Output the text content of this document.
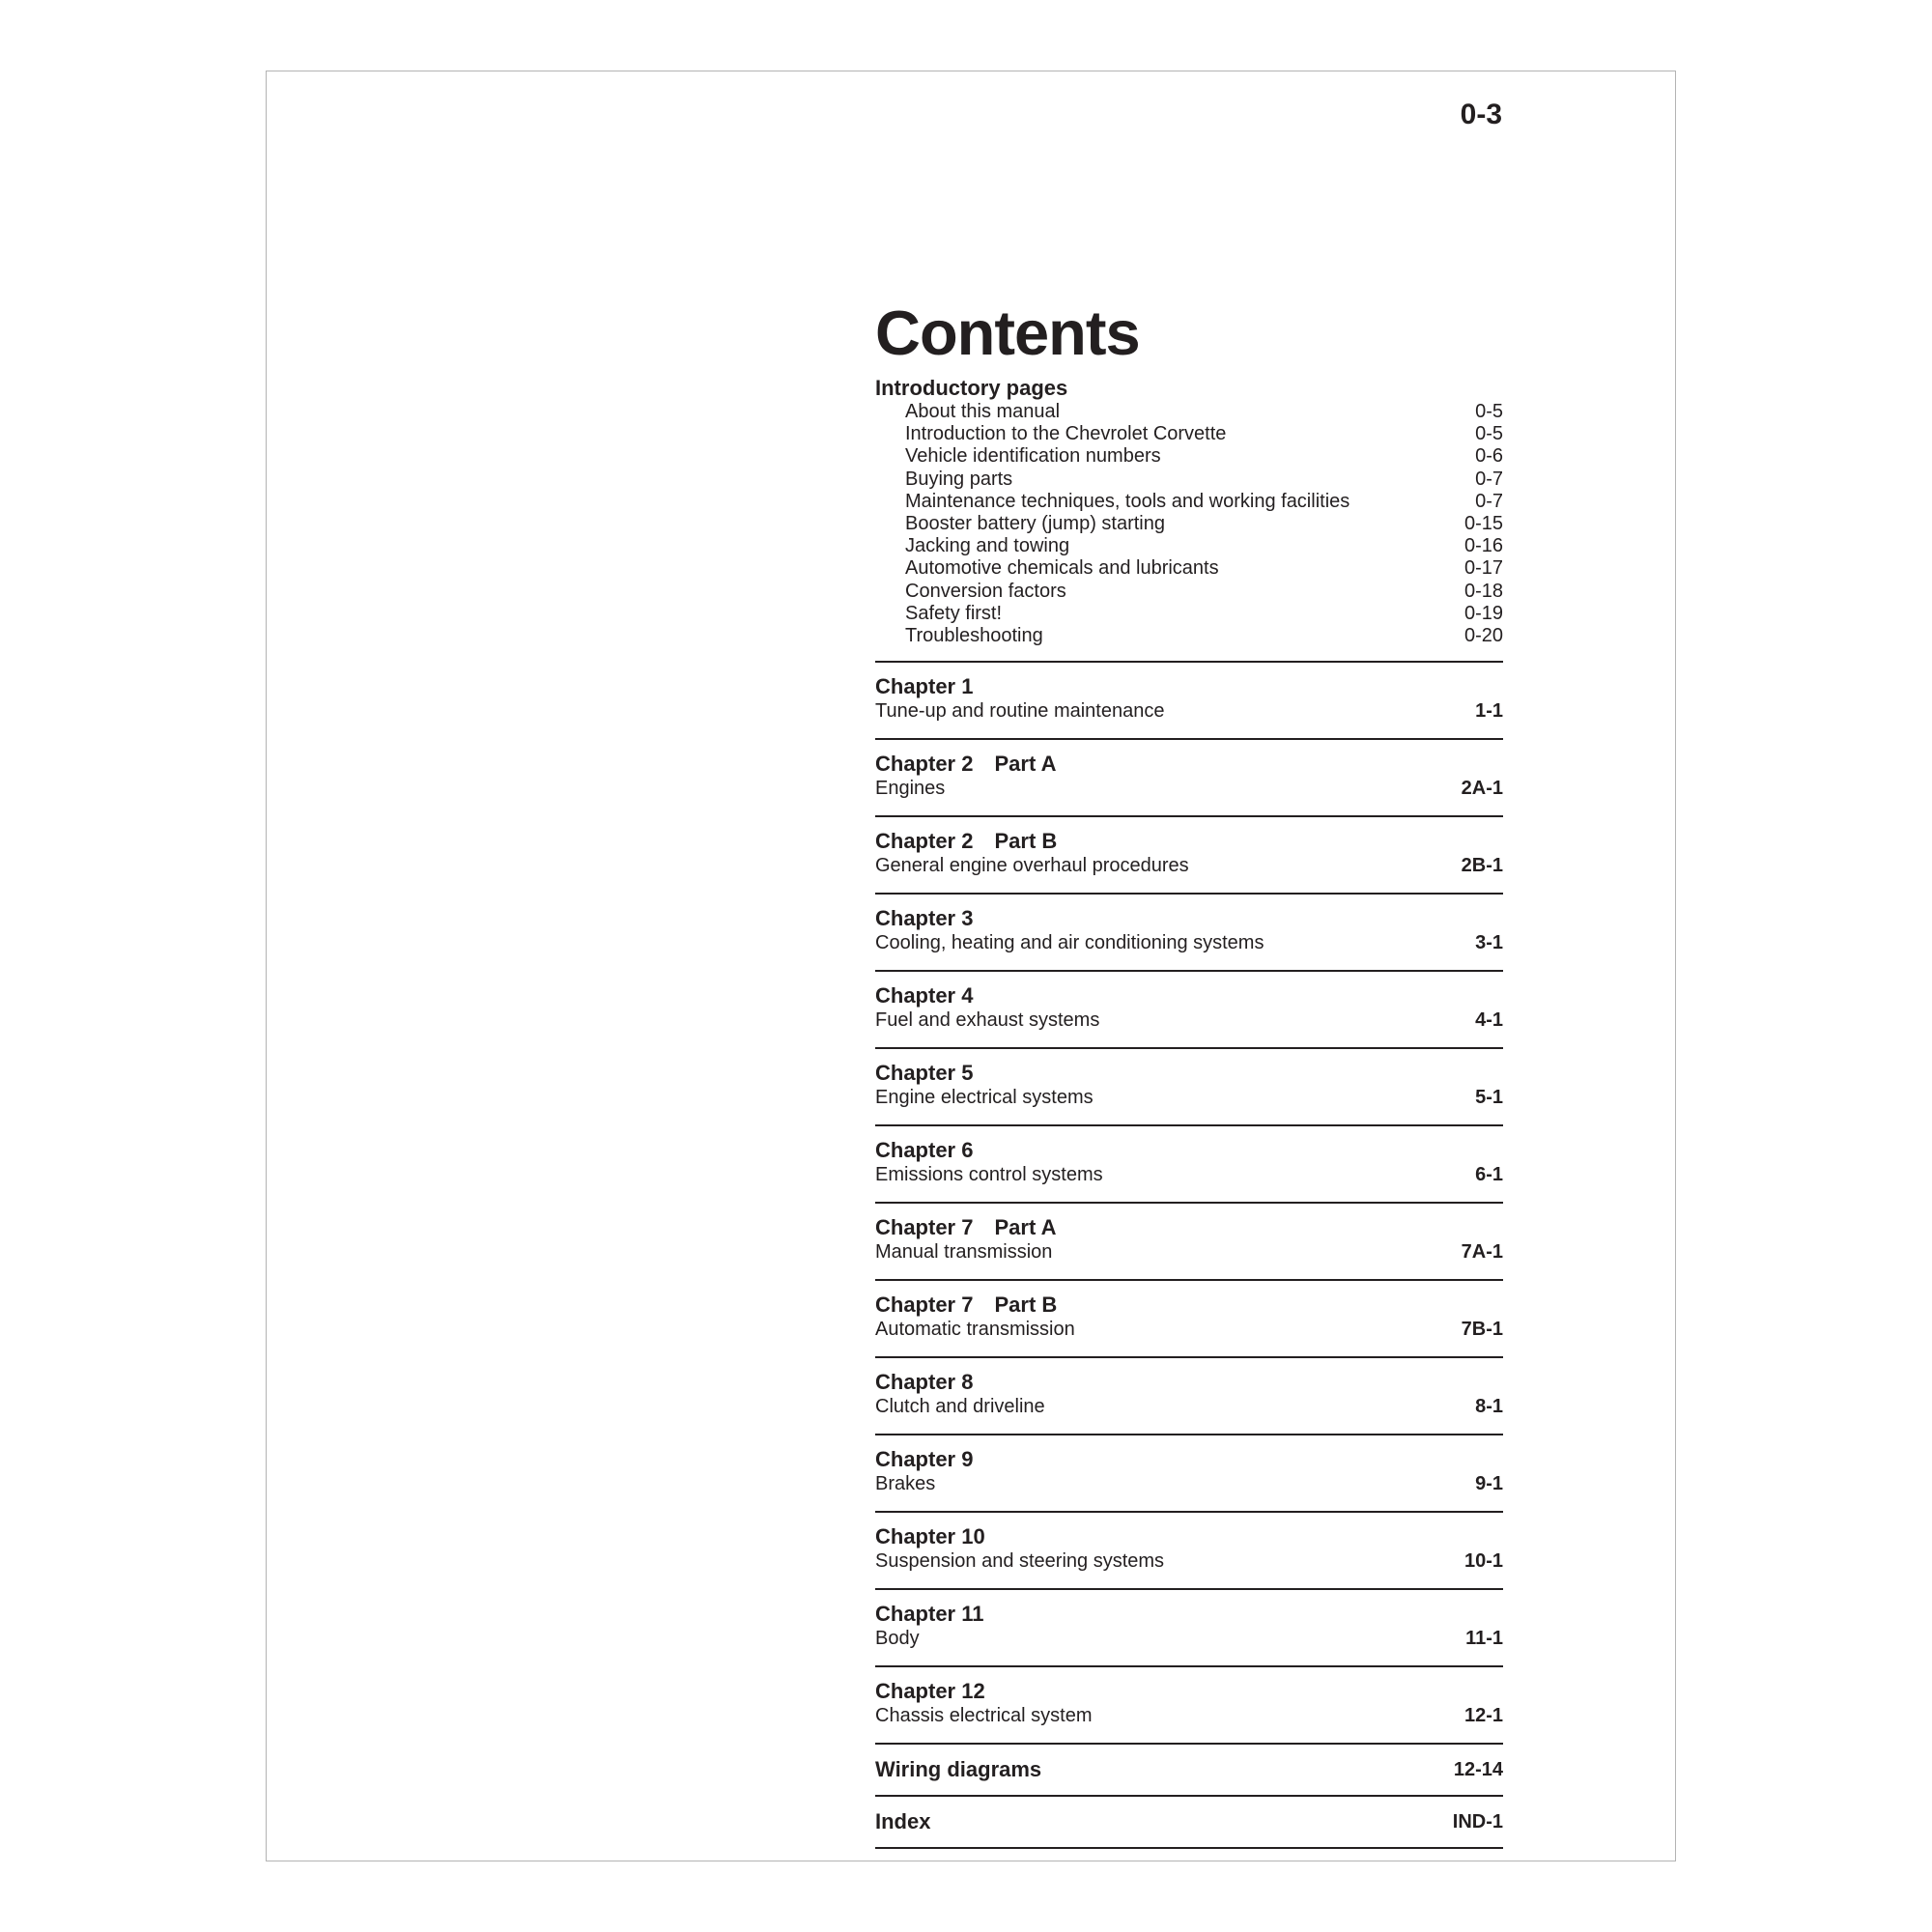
0-3
Contents
Introductory pages
About this manual	0-5
Introduction to the Chevrolet Corvette	0-5
Vehicle identification numbers	0-6
Buying parts	0-7
Maintenance techniques, tools and working facilities	0-7
Booster battery (jump) starting	0-15
Jacking and towing	0-16
Automotive chemicals and lubricants	0-17
Conversion factors	0-18
Safety first!	0-19
Troubleshooting	0-20
Chapter 1
Tune-up and routine maintenance	1-1
Chapter 2 Part A
Engines	2A-1
Chapter 2 Part B
General engine overhaul procedures	2B-1
Chapter 3
Cooling, heating and air conditioning systems	3-1
Chapter 4
Fuel and exhaust systems	4-1
Chapter 5
Engine electrical systems	5-1
Chapter 6
Emissions control systems	6-1
Chapter 7 Part A
Manual transmission	7A-1
Chapter 7 Part B
Automatic transmission	7B-1
Chapter 8
Clutch and driveline	8-1
Chapter 9
Brakes	9-1
Chapter 10
Suspension and steering systems	10-1
Chapter 11
Body	11-1
Chapter 12
Chassis electrical system	12-1
Wiring diagrams	12-14
Index	IND-1
